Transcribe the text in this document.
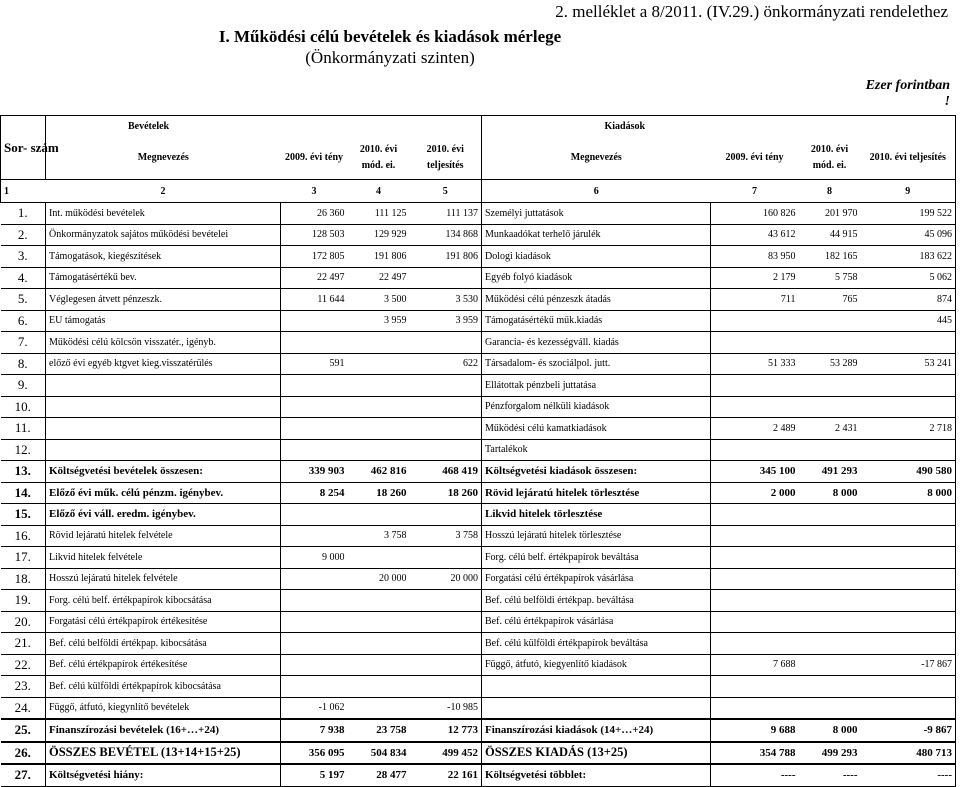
2. melléklet a 8/2011. (IV.29.) önkormányzati rendelethez
I. Működési célú bevételek és kiadások mérlege
(Önkormányzati szinten)
Ezer forintban
!
Sor- szám	Bevételek				Kiadások			
	Megnevezés	2009. évi tény	2010. évi mód. ei.	2010. évi teljesítés	Megnevezés	2009. évi tény	2010. évi mód. ei.	2010. évi teljesítés
1	2	3	4	5	6	7	8	9
1.	Int. működési bevételek	26 360	111 125	111 137	Személyi juttatások	160 826	201 970	199 522
2.	Önkormányzatok sajátos működési bevételei	128 503	129 929	134 868	Munkaadókat terhelő járulék	43 612	44 915	45 096
3.	Támogatások, kiegészítések	172 805	191 806	191 806	Dologi kiadások	83 950	182 165	183 622
4.	Támogatásértékű bev.	22 497	22 497		Egyéb folyó kiadások	2 179	5 758	5 062
5.	Véglegesen átvett pénzeszk.	11 644	3 500	3 530	Működési célú pénzeszk átadás	711	765	874
6.	EU támogatás		3 959	3 959	Támogatásértékű műk.kiadás			445
7.	Működési célú kölcsön visszatér., igényb.				Garancia- és kezességváll. kiadás			
8.	előző évi egyéb ktgvet kieg.visszatérülés	591		622	Társadalom- és szociálpol. jutt.	51 333	53 289	53 241
9.					Ellátottak pénzbeli juttatása			
10.					Pénzforgalom nélküli kiadások			
11.					Működési célú kamatkiadások	2 489	2 431	2 718
12.					Tartalékok			
13.	Költségvetési bevételek összesen:	339 903	462 816	468 419	Költségvetési kiadások összesen:	345 100	491 293	490 580
14.	Előző évi műk. célú pénzm. igénybev.	8 254	18 260	18 260	Rövid lejáratú hitelek törlesztése	2 000	8 000	8 000
15.	Előző évi váll. eredm. igénybev.				Likvid hitelek törlesztése			
16.	Rövid lejáratú hitelek felvétele		3 758	3 758	Hosszú lejáratú hitelek törlesztése			
17.	Likvid hitelek felvétele	9 000			Forg. célú belf. értékpapírok beváltása			
18.	Hosszú lejáratú hitelek felvétele		20 000	20 000	Forgatási célú értékpapírok vásárlása			
19.	Forg. célú belf. értékpapírok kibocsátása				Bef. célú belföldi értékpap. beváltása			
20.	Forgatási célú értékpapírok értékesítése				Bef. célú értékpapírok vásárlása			
21.	Bef. célú belföldi értékpap. kibocsátása				Bef. célú külföldi értékpapírok beváltása			
22.	Bef. célú értékpapírok értékesítése				Függő, átfutó, kiegyenlítő kiadások	7 688		-17 867
23.	Bef. célú külföldi értékpapírok kibocsátása							
24.	Függő, átfutó, kiegynlítő bevételek	-1 062		-10 985				
25.	Finanszírozási bevételek (16+…+24)	7 938	23 758	12 773	Finanszírozási kiadások (14+…+24)	9 688	8 000	-9 867
26.	ÖSSZES BEVÉTEL (13+14+15+25)	356 095	504 834	499 452	ÖSSZES KIADÁS (13+25)	354 788	499 293	480 713
27.	Költségvetési hiány:	5 197	28 477	22 161	Költségvetési többlet:	----	----	----
